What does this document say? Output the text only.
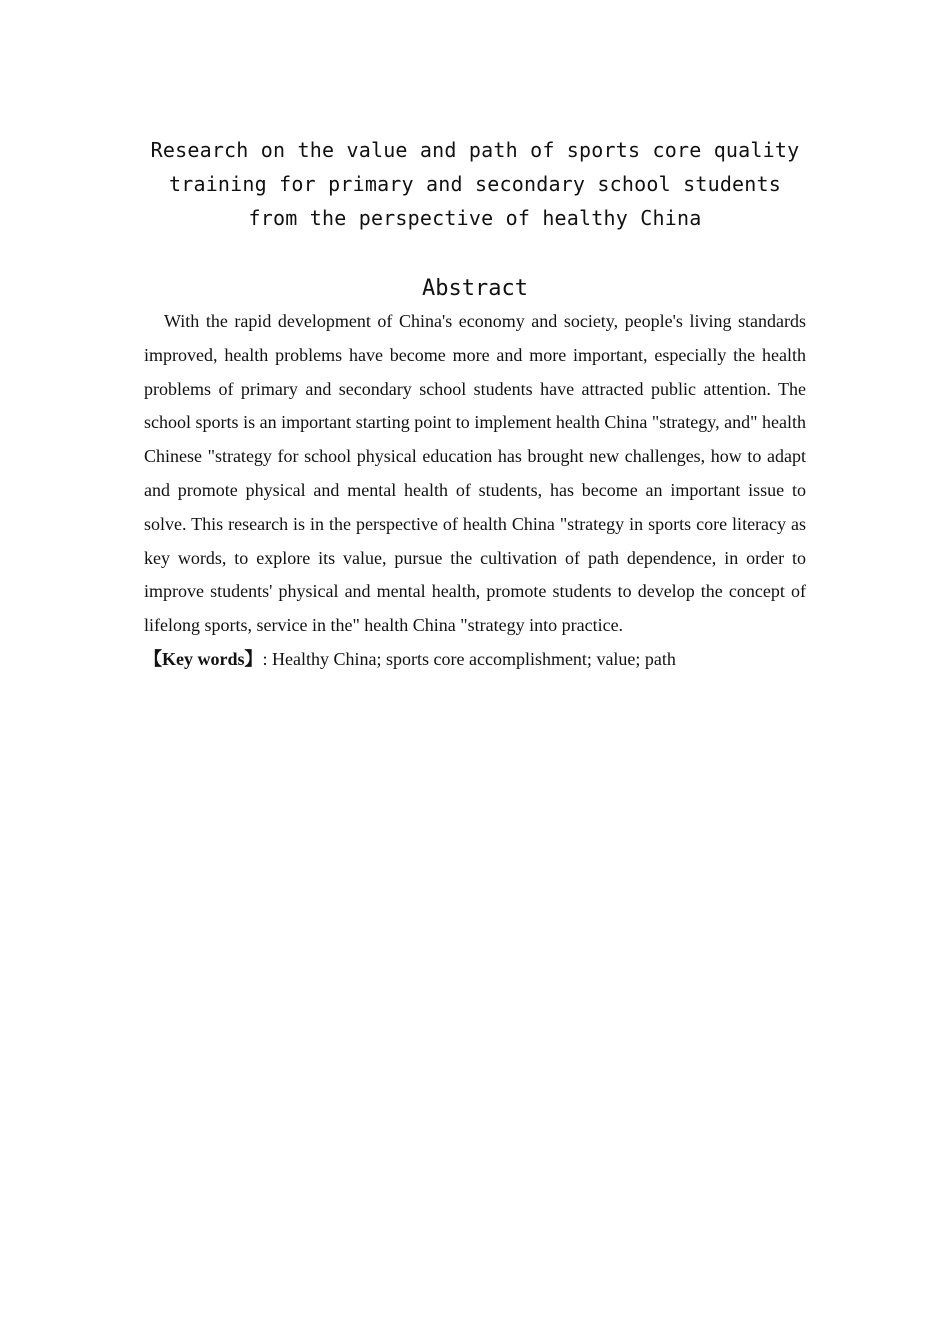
Research on the value and path of sports core quality training for primary and secondary school students from the perspective of healthy China
Abstract

With the rapid development of China's economy and society, people's living standards improved, health problems have become more and more important, especially the health problems of primary and secondary school students have attracted public attention. The school sports is an important starting point to implement health China "strategy, and" health Chinese "strategy for school physical education has brought new challenges, how to adapt and promote physical and mental health of students, has become an important issue to solve. This research is in the perspective of health China "strategy in sports core literacy as key words, to explore its value, pursue the cultivation of path dependence, in order to improve students' physical and mental health, promote students to develop the concept of lifelong sports, service in the" health China "strategy into practice.

【Key words】: Healthy China; sports core accomplishment; value; path
